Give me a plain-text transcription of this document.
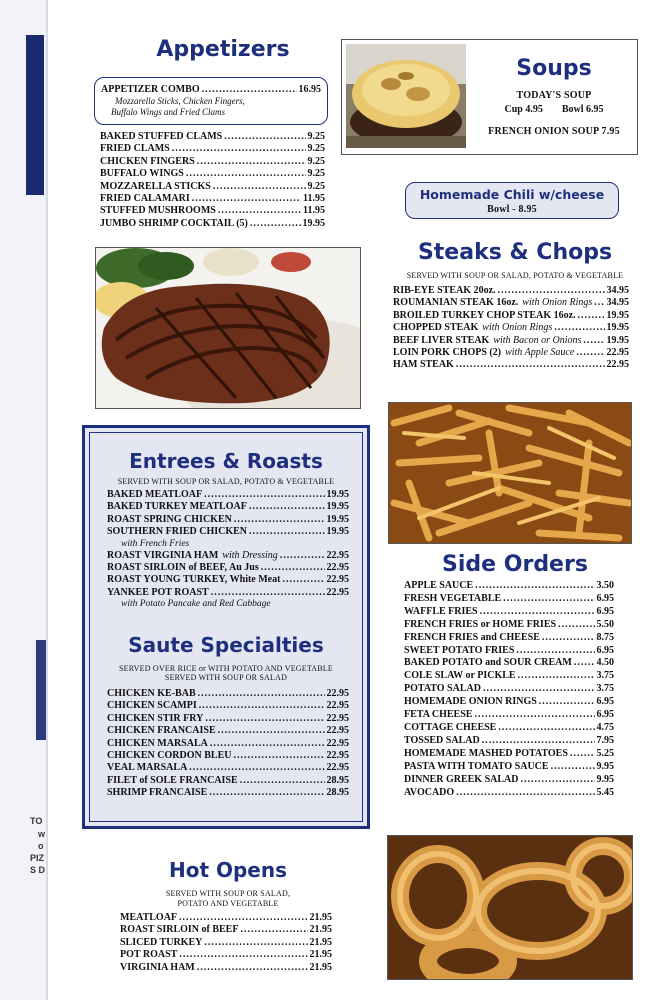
TO
w
o
PIZ
S D
Appetizers
APPETIZER COMBO .....	16.95
Mozzarella Sticks, Chicken Fingers,
Buffalo Wings and Fried Clams
BAKED STUFFED CLAMS .....	9.25
FRIED CLAMS .....	9.25
CHICKEN FINGERS .....	9.25
BUFFALO WINGS .....	9.25
MOZZARELLA STICKS .....	9.25
FRIED CALAMARI .....	11.95
STUFFED MUSHROOMS .....	11.95
JUMBO SHRIMP COCKTAIL (5) .....	19.95
Soups
TODAY'S SOUP
Cup 4.95 Bowl 6.95
FRENCH ONION SOUP 7.95
Homemade Chili w/cheese
Bowl - 8.95
Steaks & Chops
SERVED WITH SOUP OR SALAD, POTATO & VEGETABLE
RIB-EYE STEAK 20oz. .....	34.95
ROUMANIAN STEAK 16oz. with Onion Rings ..... 34.95
BROILED TURKEY CHOP STEAK 16oz. .....	19.95
CHOPPED STEAK with Onion Rings .....	19.95
BEEF LIVER STEAK with Bacon or Onions .....	19.95
LOIN PORK CHOPS (2) with Apple Sauce .....	22.95
HAM STEAK .....	22.95
Entrees & Roasts
SERVED WITH SOUP OR SALAD, POTATO & VEGETABLE
BAKED MEATLOAF .....	19.95
BAKED TURKEY MEATLOAF .....	19.95
ROAST SPRING CHICKEN .....	19.95
SOUTHERN FRIED CHICKEN .....	19.95
with French Fries
ROAST VIRGINIA HAM with Dressing .....	22.95
ROAST SIRLOIN of BEEF, Au Jus .....	22.95
ROAST YOUNG TURKEY, White Meat .....	22.95
YANKEE POT ROAST .....	22.95
with Potato Pancake and Red Cabbage
Saute Specialties
SERVED OVER RICE or WITH POTATO AND VEGETABLE
SERVED WITH SOUP OR SALAD
CHICKEN KE-BAB .....	22.95
CHICKEN SCAMPI .....	22.95
CHICKEN STIR FRY .....	22.95
CHICKEN FRANCAISE .....	22.95
CHICKEN MARSALA .....	22.95
CHICKEN CORDON BLEU .....	22.95
VEAL MARSALA .....	22.95
FILET of SOLE FRANCAISE .....	28.95
SHRIMP FRANCAISE .....	28.95
Side Orders
APPLE SAUCE .....	3.50
FRESH VEGETABLE .....	6.95
WAFFLE FRIES .....	6.95
FRENCH FRIES or HOME FRIES .....	5.50
FRENCH FRIES and CHEESE .....	8.75
SWEET POTATO FRIES .....	6.95
BAKED POTATO and SOUR CREAM ..... 4.50
COLE SLAW or PICKLE .....	3.75
POTATO SALAD .....	3.75
HOMEMADE ONION RINGS .....	6.95
FETA CHEESE .....	6.95
COTTAGE CHEESE .....	4.75
TOSSED SALAD .....	7.95
HOMEMADE MASHED POTATOES .....	5.25
PASTA WITH TOMATO SAUCE .....	9.95
DINNER GREEK SALAD .....	9.95
AVOCADO .....	5.45
Hot Opens
SERVED WITH SOUP OR SALAD,
POTATO AND VEGETABLE
MEATLOAF .....	21.95
ROAST SIRLOIN of BEEF .....	21.95
SLICED TURKEY .....	21.95
POT ROAST .....	21.95
VIRGINIA HAM .....	21.95
